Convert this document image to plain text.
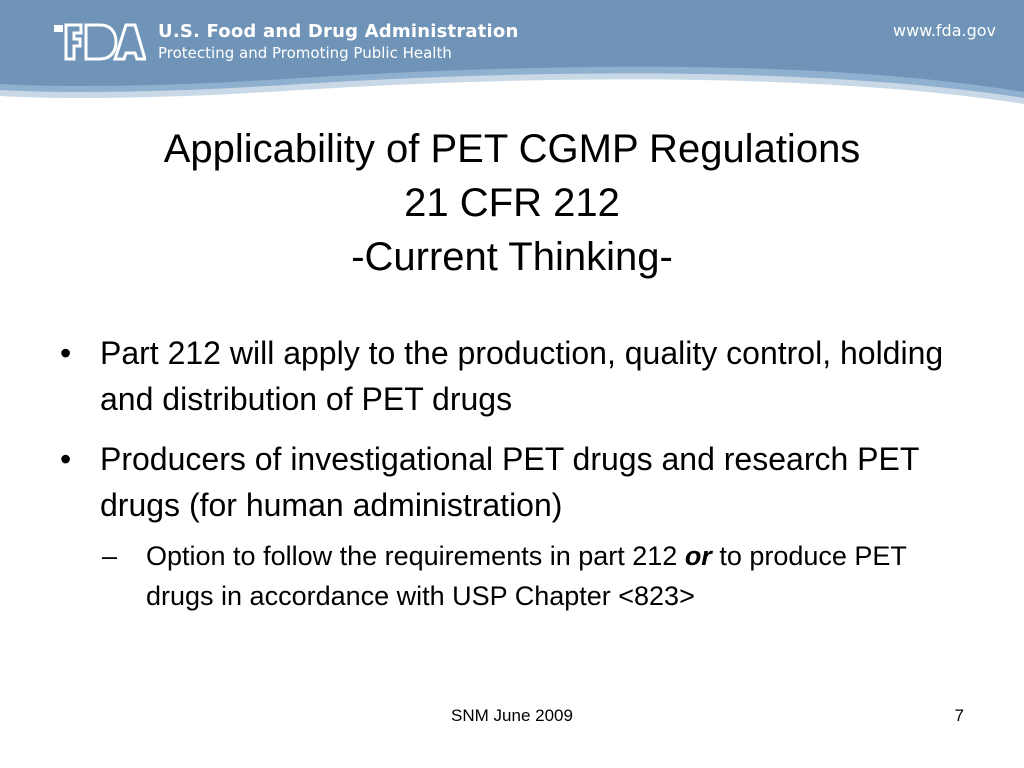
U.S. Food and Drug Administration
Protecting and Promoting Public Health
www.fda.gov
Applicability of PET CGMP Regulations
21 CFR 212
-Current Thinking-
• Part 212 will apply to the production, quality control, holding and distribution of PET drugs
• Producers of investigational PET drugs and research PET drugs (for human administration)
– Option to follow the requirements in part 212 or to produce PET drugs in accordance with USP Chapter <823>
SNM June 2009	7
